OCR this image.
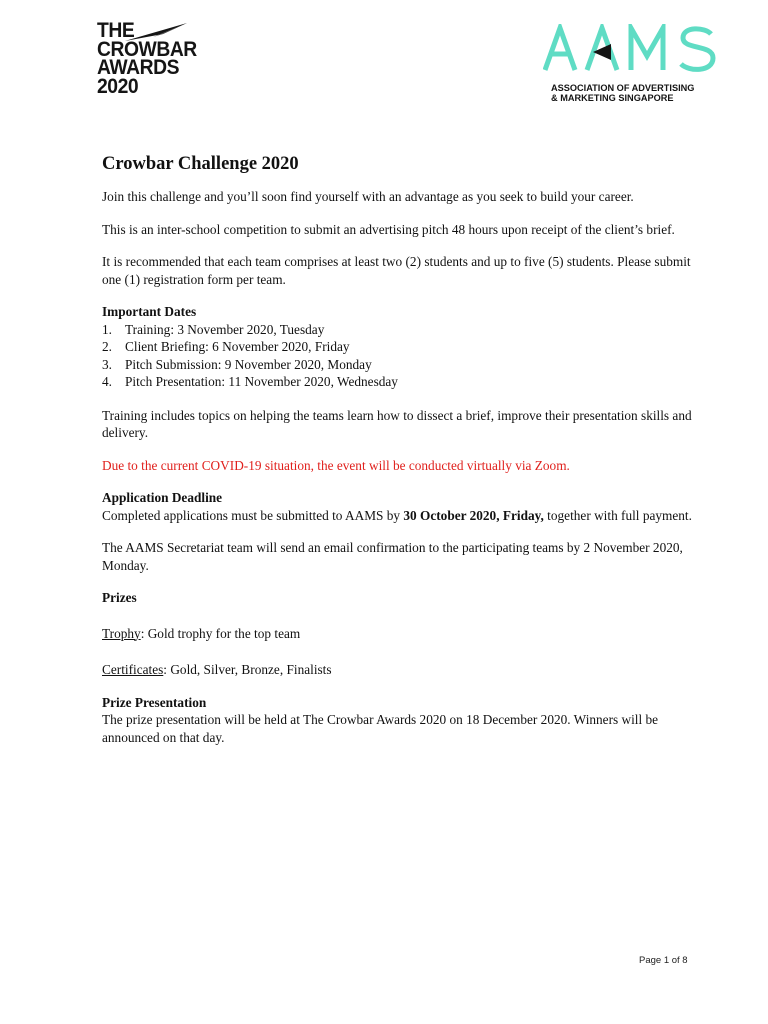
THE
CROWBAR
AWARDS
2020	ASSOCIATION OF ADVERTISING
& MARKETING SINGAPORE
Crowbar Challenge 2020

Join this challenge and you’ll soon find yourself with an advantage as you seek to build your career.

This is an inter-school competition to submit an advertising pitch 48 hours upon receipt of the client’s brief.

It is recommended that each team comprises at least two (2) students and up to five (5) students. Please submit one (1) registration form per team.

Important Dates
1. Training: 3 November 2020, Tuesday
2. Client Briefing: 6 November 2020, Friday
3. Pitch Submission: 9 November 2020, Monday
4. Pitch Presentation: 11 November 2020, Wednesday

Training includes topics on helping the teams learn how to dissect a brief, improve their presentation skills and delivery.

Due to the current COVID-19 situation, the event will be conducted virtually via Zoom.

Application Deadline

Completed applications must be submitted to AAMS by 30 October 2020, Friday, together with full payment.

The AAMS Secretariat team will send an email confirmation to the participating teams by 2 November 2020, Monday.

Prizes

Trophy: Gold trophy for the top team

Certificates: Gold, Silver, Bronze, Finalists

Prize Presentation

The prize presentation will be held at The Crowbar Awards 2020 on 18 December 2020. Winners will be announced on that day.

Page 1 of 8
